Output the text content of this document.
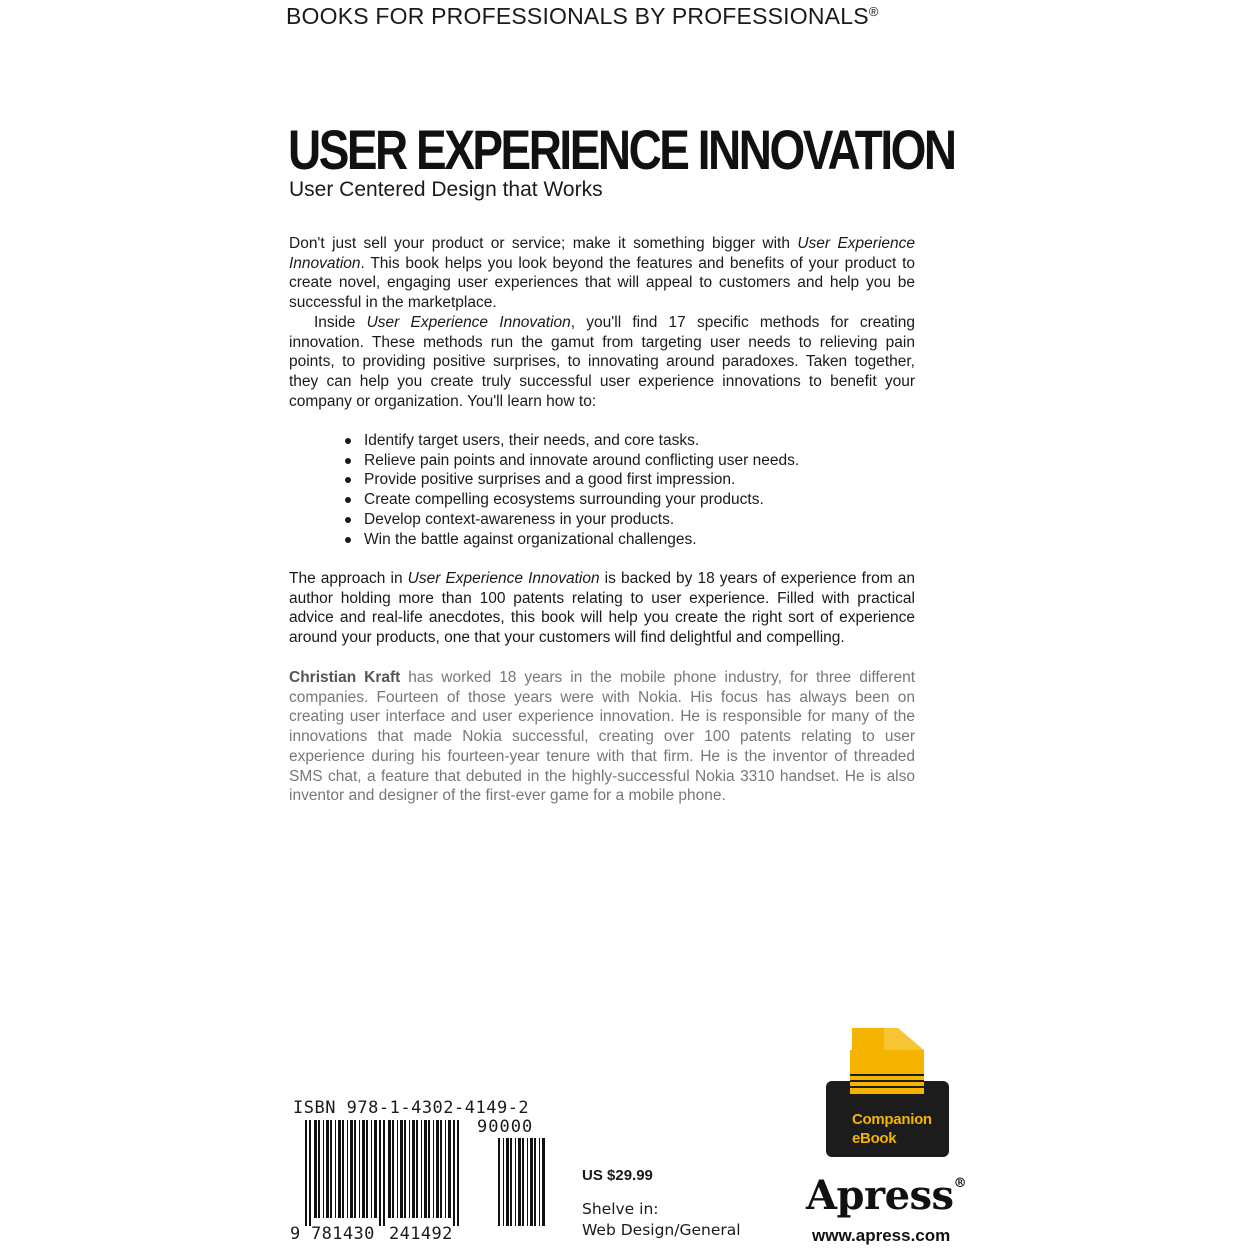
BOOKS FOR PROFESSIONALS BY PROFESSIONALS®
USER EXPERIENCE INNOVATION
User Centered Design that Works

Don't just sell your product or service; make it something bigger with User Experience Innovation. This book helps you look beyond the features and benefits of your product to create novel, engaging user experiences that will appeal to customers and help you be successful in the marketplace.

Inside User Experience Innovation, you'll find 17 specific methods for creating innovation. These methods run the gamut from targeting user needs to relieving pain points, to providing positive surprises, to innovating around paradoxes. Taken together, they can help you create truly successful user experience innovations to benefit your company or organization. You'll learn how to:

Identify target users, their needs, and core tasks.
Relieve pain points and innovate around conflicting user needs.
Provide positive surprises and a good first impression.
Create compelling ecosystems surrounding your products.
Develop context-awareness in your products.
Win the battle against organizational challenges.

The approach in User Experience Innovation is backed by 18 years of experience from an author holding more than 100 patents relating to user experience. Filled with practical advice and real-life anecdotes, this book will help you create the right sort of experience around your products, one that your customers will find delightful and compelling.

Christian Kraft has worked 18 years in the mobile phone industry, for three different companies. Fourteen of those years were with Nokia. His focus has always been on creating user interface and user experience innovation. He is responsible for many of the innovations that made Nokia successful, creating over 100 patents relating to user experience during his fourteen-year tenure with that firm. He is the inventor of threaded SMS chat, a feature that debuted in the highly-successful Nokia 3310 handset. He is also inventor and designer of the first-ever game for a mobile phone.

ISBN 978-1-4302-4149-2
90000
9 781430 241492
US $29.99
Shelve in:
Web Design/General
Companion
eBook
Apress®
www.apress.com
